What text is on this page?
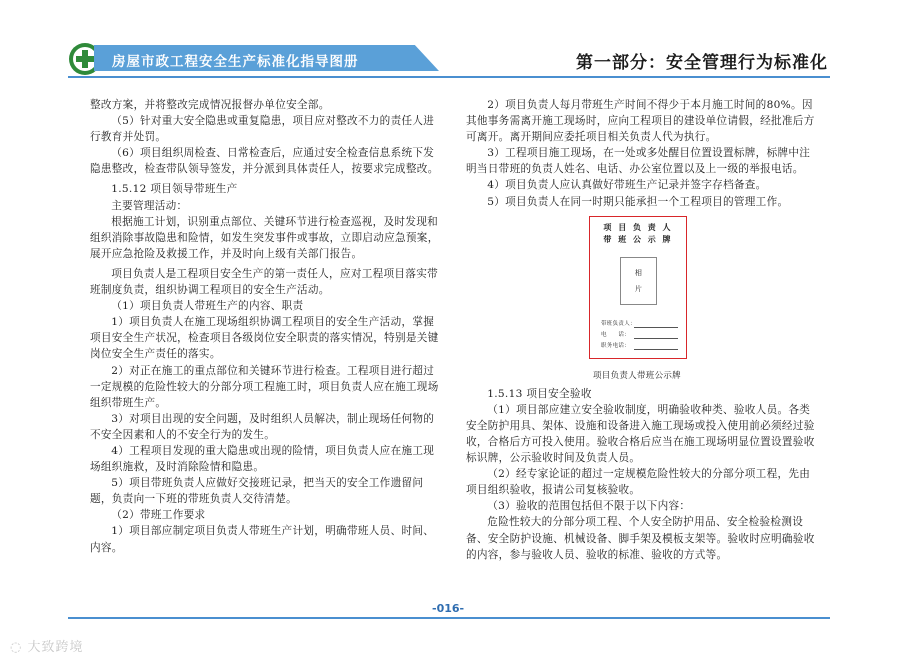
房屋市政工程安全生产标准化指导图册	第一部分：安全管理行为标准化

整改方案，并将整改完成情况报督办单位安全部。

（5）针对重大安全隐患或重复隐患，项目应对整改不力的责任人进行教育并处罚。

（6）项目组织周检查、日常检查后，应通过安全检查信息系统下发隐患整改，检查带队领导签发，并分派到具体责任人，按要求完成整改。

1.5.12 项目领导带班生产

主要管理活动：

根据施工计划，识别重点部位、关键环节进行检查巡视，及时发现和组织消除事故隐患和险情，如发生突发事件或事故，立即启动应急预案，展开应急抢险及救援工作，并及时向上级有关部门报告。

项目负责人是工程项目安全生产的第一责任人，应对工程项目落实带班制度负责，组织协调工程项目的安全生产活动。

（1）项目负责人带班生产的内容、职责

1）项目负责人在施工现场组织协调工程项目的安全生产活动，掌握项目安全生产状况，检查项目各级岗位安全职责的落实情况，特别是关键岗位安全生产责任的落实。

2）对正在施工的重点部位和关键环节进行检查。工程项目进行超过一定规模的危险性较大的分部分项工程施工时，项目负责人应在施工现场组织带班生产。

3）对项目出现的安全问题，及时组织人员解决，制止现场任何物的不安全因素和人的不安全行为的发生。

4）工程项目发现的重大隐患或出现的险情，项目负责人应在施工现场组织施救，及时消除险情和隐患。

5）项目带班负责人应做好交接班记录，把当天的安全工作遗留问题，负责向一下班的带班负责人交待清楚。

（2）带班工作要求

1）项目部应制定项目负责人带班生产计划，明确带班人员、时间、内容。

2）项目负责人每月带班生产时间不得少于本月施工时间的80%。因其他事务需离开施工现场时，应向工程项目的建设单位请假，经批准后方可离开。离开期间应委托项目相关负责人代为执行。

3）工程项目施工现场，在一处或多处醒目位置设置标牌，标牌中注明当日带班的负责人姓名、电话、办公室位置以及上一级的举报电话。

4）项目负责人应认真做好带班生产记录并签字存档备查。

5）项目负责人在同一时期只能承担一个工程项目的管理工作。

项 目 负 责 人
带 班 公 示 牌
相
片
带班负责人：
电　　话：
职务电话：
项目负责人带班公示牌

1.5.13 项目安全验收

（1）项目部应建立安全验收制度，明确验收种类、验收人员。各类安全防护用具、架体、设施和设备进入施工现场或投入使用前必须经过验收，合格后方可投入使用。验收合格后应当在施工现场明显位置设置验收标识牌，公示验收时间及负责人员。

（2）经专家论证的超过一定规模危险性较大的分部分项工程，先由项目组织验收，报请公司复核验收。

（3）验收的范围包括但不限于以下内容：

危险性较大的分部分项工程、个人安全防护用品、安全检验检测设备、安全防护设施、机械设备、脚手架及模板支架等。验收时应明确验收的内容，参与验收人员、验收的标准、验收的方式等。

-016-
◌ 大致跨境
